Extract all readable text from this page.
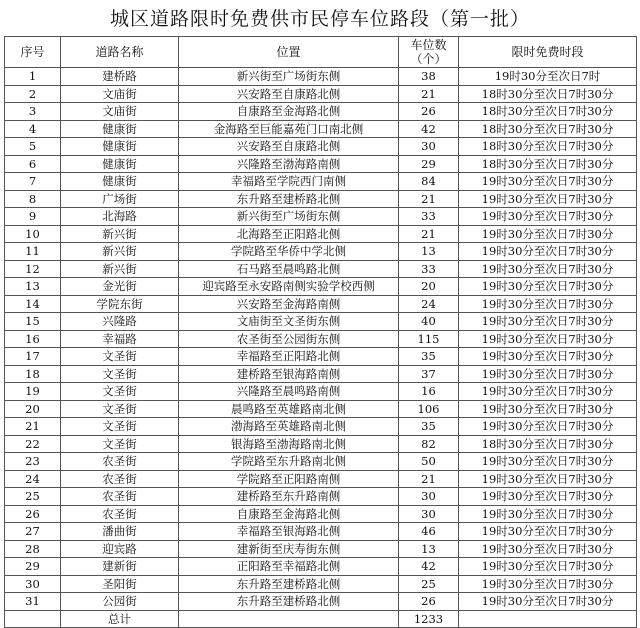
城区道路限时免费供市民停车位路段（第一批）
序号	道路名称	位置	车位数
（个）	限时免费时段
1	建桥路	新兴街至广场街东侧	38	19时30分至次日7时
2	文庙街	兴安路至自康路北侧	21	18时30分至次日7时30分
3	文庙街	自康路至金海路北侧	26	18时30分至次日7时30分
4	健康街	金海路至巨能嘉苑门口南北侧	42	18时30分至次日7时30分
5	健康街	兴安路至自康路北侧	30	18时30分至次日7时30分
6	健康街	兴隆路至渤海路南侧	29	18时30分至次日7时30分
7	健康街	幸福路至学院西门南侧	84	19时30分至次日7时30分
8	广场街	东升路至建桥路北侧	21	19时30分至次日7时30分
9	北海路	新兴街至广场街东侧	33	19时30分至次日7时30分
10	新兴街	北海路至正阳路北侧	21	19时30分至次日7时30分
11	新兴街	学院路至华侨中学北侧	13	19时30分至次日7时30分
12	新兴街	石马路至晨鸣路北侧	33	19时30分至次日7时30分
13	金光街	迎宾路至永安路南侧实验学校西侧	20	19时30分至次日7时30分
14	学院东街	兴安路至金海路南侧	24	19时30分至次日7时30分
15	兴隆路	文庙街至文圣街东侧	40	19时30分至次日7时30分
16	幸福路	农圣街至公园街东侧	115	19时30分至次日7时30分
17	文圣街	幸福路至正阳路北侧	35	19时30分至次日7时30分
18	文圣街	建桥路至银海路南侧	37	19时30分至次日7时30分
19	文圣街	兴隆路至晨鸣路南侧	16	19时30分至次日7时30分
20	文圣街	晨鸣路至英雄路南北侧	106	19时30分至次日7时30分
21	文圣街	渤海路至英雄路南北侧	35	19时30分至次日7时30分
22	文圣街	银海路至渤海路南北侧	82	18时30分至次日7时30分
23	农圣街	学院路至东升路南北侧	50	19时30分至次日7时30分
24	农圣街	学院路至正阳路南侧	21	19时30分至次日7时30分
25	农圣街	建桥路至东升路南侧	30	19时30分至次日7时30分
26	农圣街	自康路至金海路北侧	30	19时30分至次日7时30分
27	潘曲街	幸福路至银海路北侧	46	19时30分至次日7时30分
28	迎宾路	建新街至庆寿街东侧	13	19时30分至次日7时30分
29	建新街	正阳路至幸福路北侧	42	19时30分至次日7时30分
30	圣阳街	东升路至建桥路北侧	25	19时30分至次日7时30分
31	公园街	东升路至建桥路北侧	26	19时30分至次日7时30分
	总计		1233	
